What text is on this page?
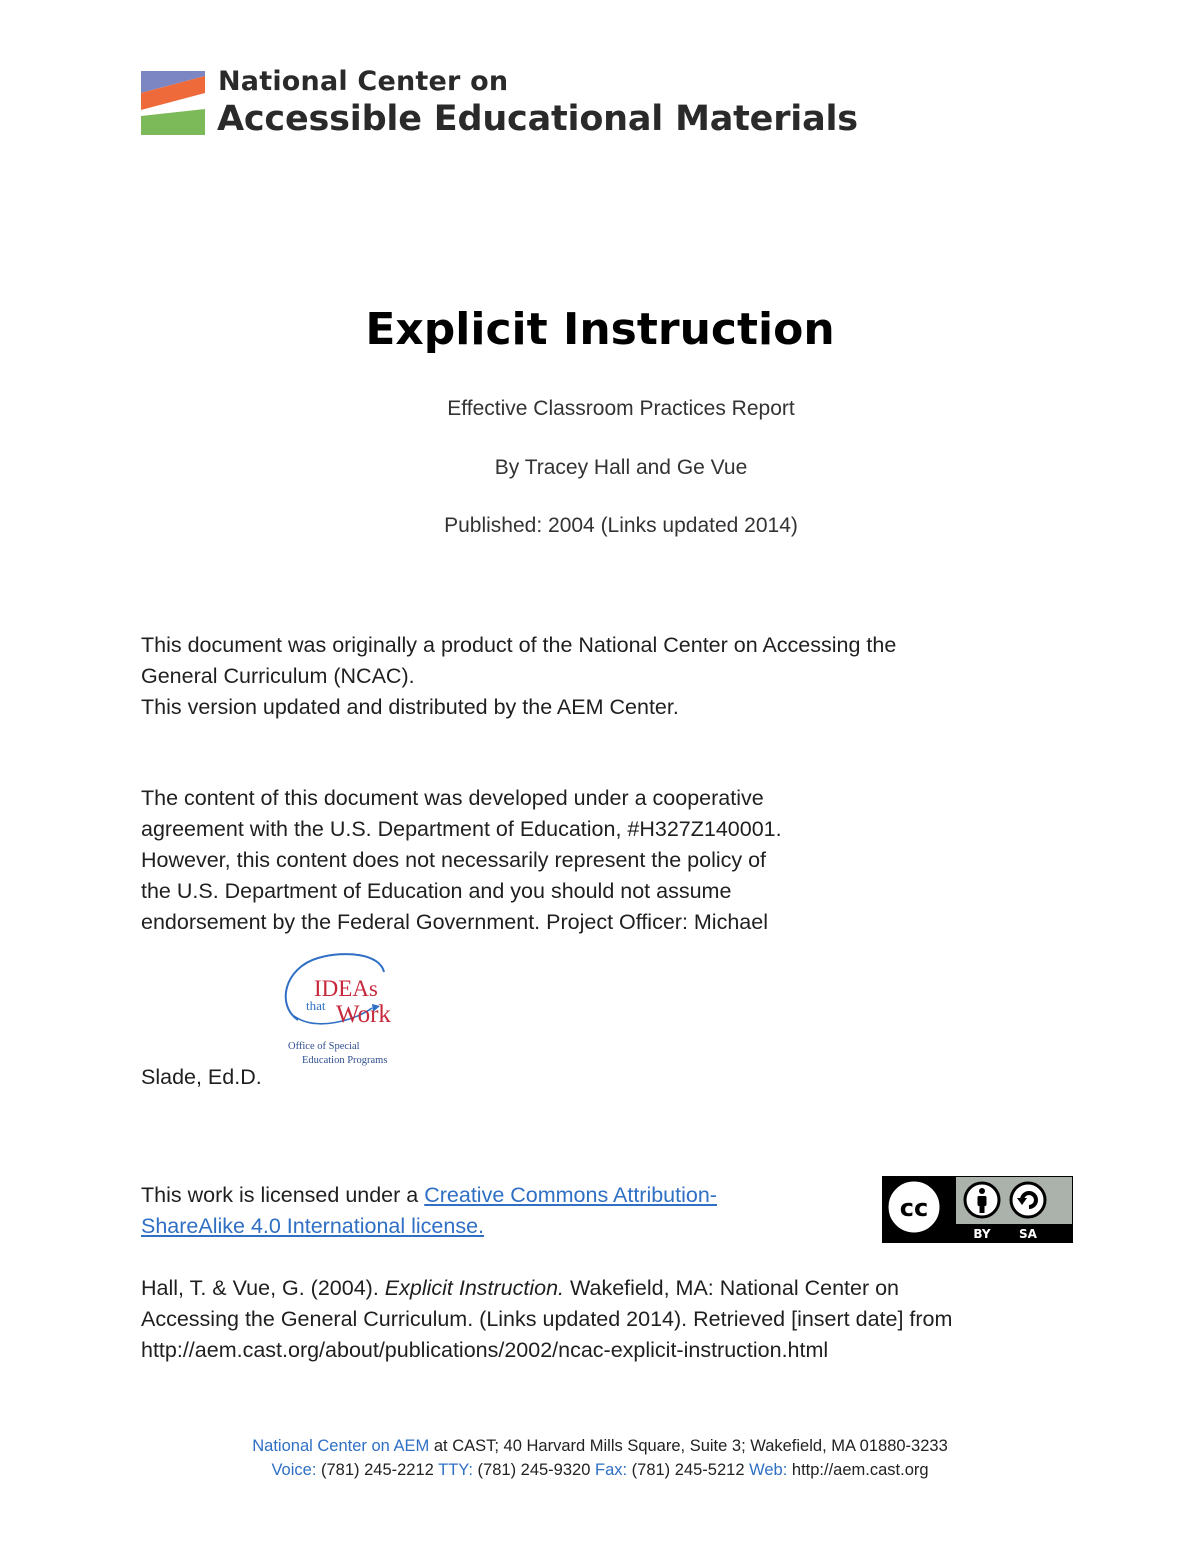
National Center on
Accessible Educational Materials
Explicit Instruction
Effective Classroom Practices Report
By Tracey Hall and Ge Vue
Published: 2004 (Links updated 2014)
This document was originally a product of the National Center on Accessing the
General Curriculum (NCAC).
This version updated and distributed by the AEM Center.
The content of this document was developed under a cooperative
agreement with the U.S. Department of Education, #H327Z140001.
However, this content does not necessarily represent the policy of
the U.S. Department of Education and you should not assume
endorsement by the Federal Government. Project Officer: Michael
IDEAs
that Work
Office of Special
Education Programs
Slade, Ed.D.
This work is licensed under a Creative Commons Attribution-
ShareAlike 4.0 International license.
cc
BY SA
Hall, T. & Vue, G. (2004). Explicit Instruction. Wakefield, MA: National Center on
Accessing the General Curriculum. (Links updated 2014). Retrieved [insert date] from
http://aem.cast.org/about/publications/2002/ncac-explicit-instruction.html
National Center on AEM at CAST; 40 Harvard Mills Square, Suite 3; Wakefield, MA 01880-3233
Voice: (781) 245-2212 TTY: (781) 245-9320 Fax: (781) 245-5212 Web: http://aem.cast.org
